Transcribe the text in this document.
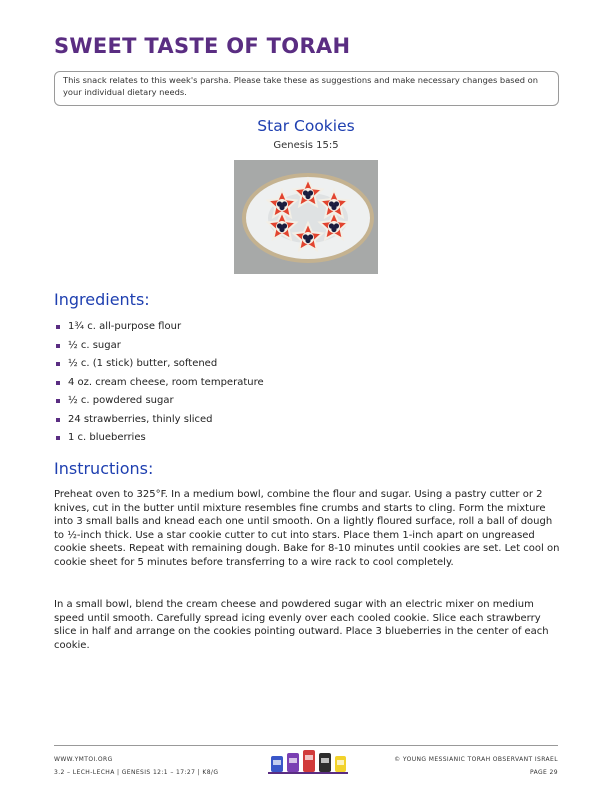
SWEET TASTE OF TORAH
This snack relates to this week's parsha. Please take these as suggestions and make necessary changes based on your individual dietary needs.
Star Cookies
Genesis 15:5
Ingredients:
1¾ c. all-purpose flour
½ c. sugar
½ c. (1 stick) butter, softened
4 oz. cream cheese, room temperature
½ c. powdered sugar
24 strawberries, thinly sliced
1 c. blueberries
Instructions:

Preheat oven to 325°F. In a medium bowl, combine the flour and sugar. Using a pastry cutter or 2 knives, cut in the butter until mixture resembles fine crumbs and starts to cling. Form the mixture into 3 small balls and knead each one until smooth. On a lightly floured surface, roll a ball of dough to ½-inch thick. Use a star cookie cutter to cut into stars. Place them 1-inch apart on ungreased cookie sheets. Repeat with remaining dough. Bake for 8-10 minutes until cookies are set. Let cool on cookie sheet for 5 minutes before transferring to a wire rack to cool completely.

In a small bowl, blend the cream cheese and powdered sugar with an electric mixer on medium speed until smooth. Carefully spread icing evenly over each cooled cookie. Slice each strawberry slice in half and arrange on the cookies pointing outward. Place 3 blueberries in the center of each cookie.

WWW.YMTOI.ORG
3.2 – LECH-LECHA | GENESIS 12:1 – 17:27 | K8/G
© YOUNG MESSIANIC TORAH OBSERVANT ISRAEL
PAGE 29
